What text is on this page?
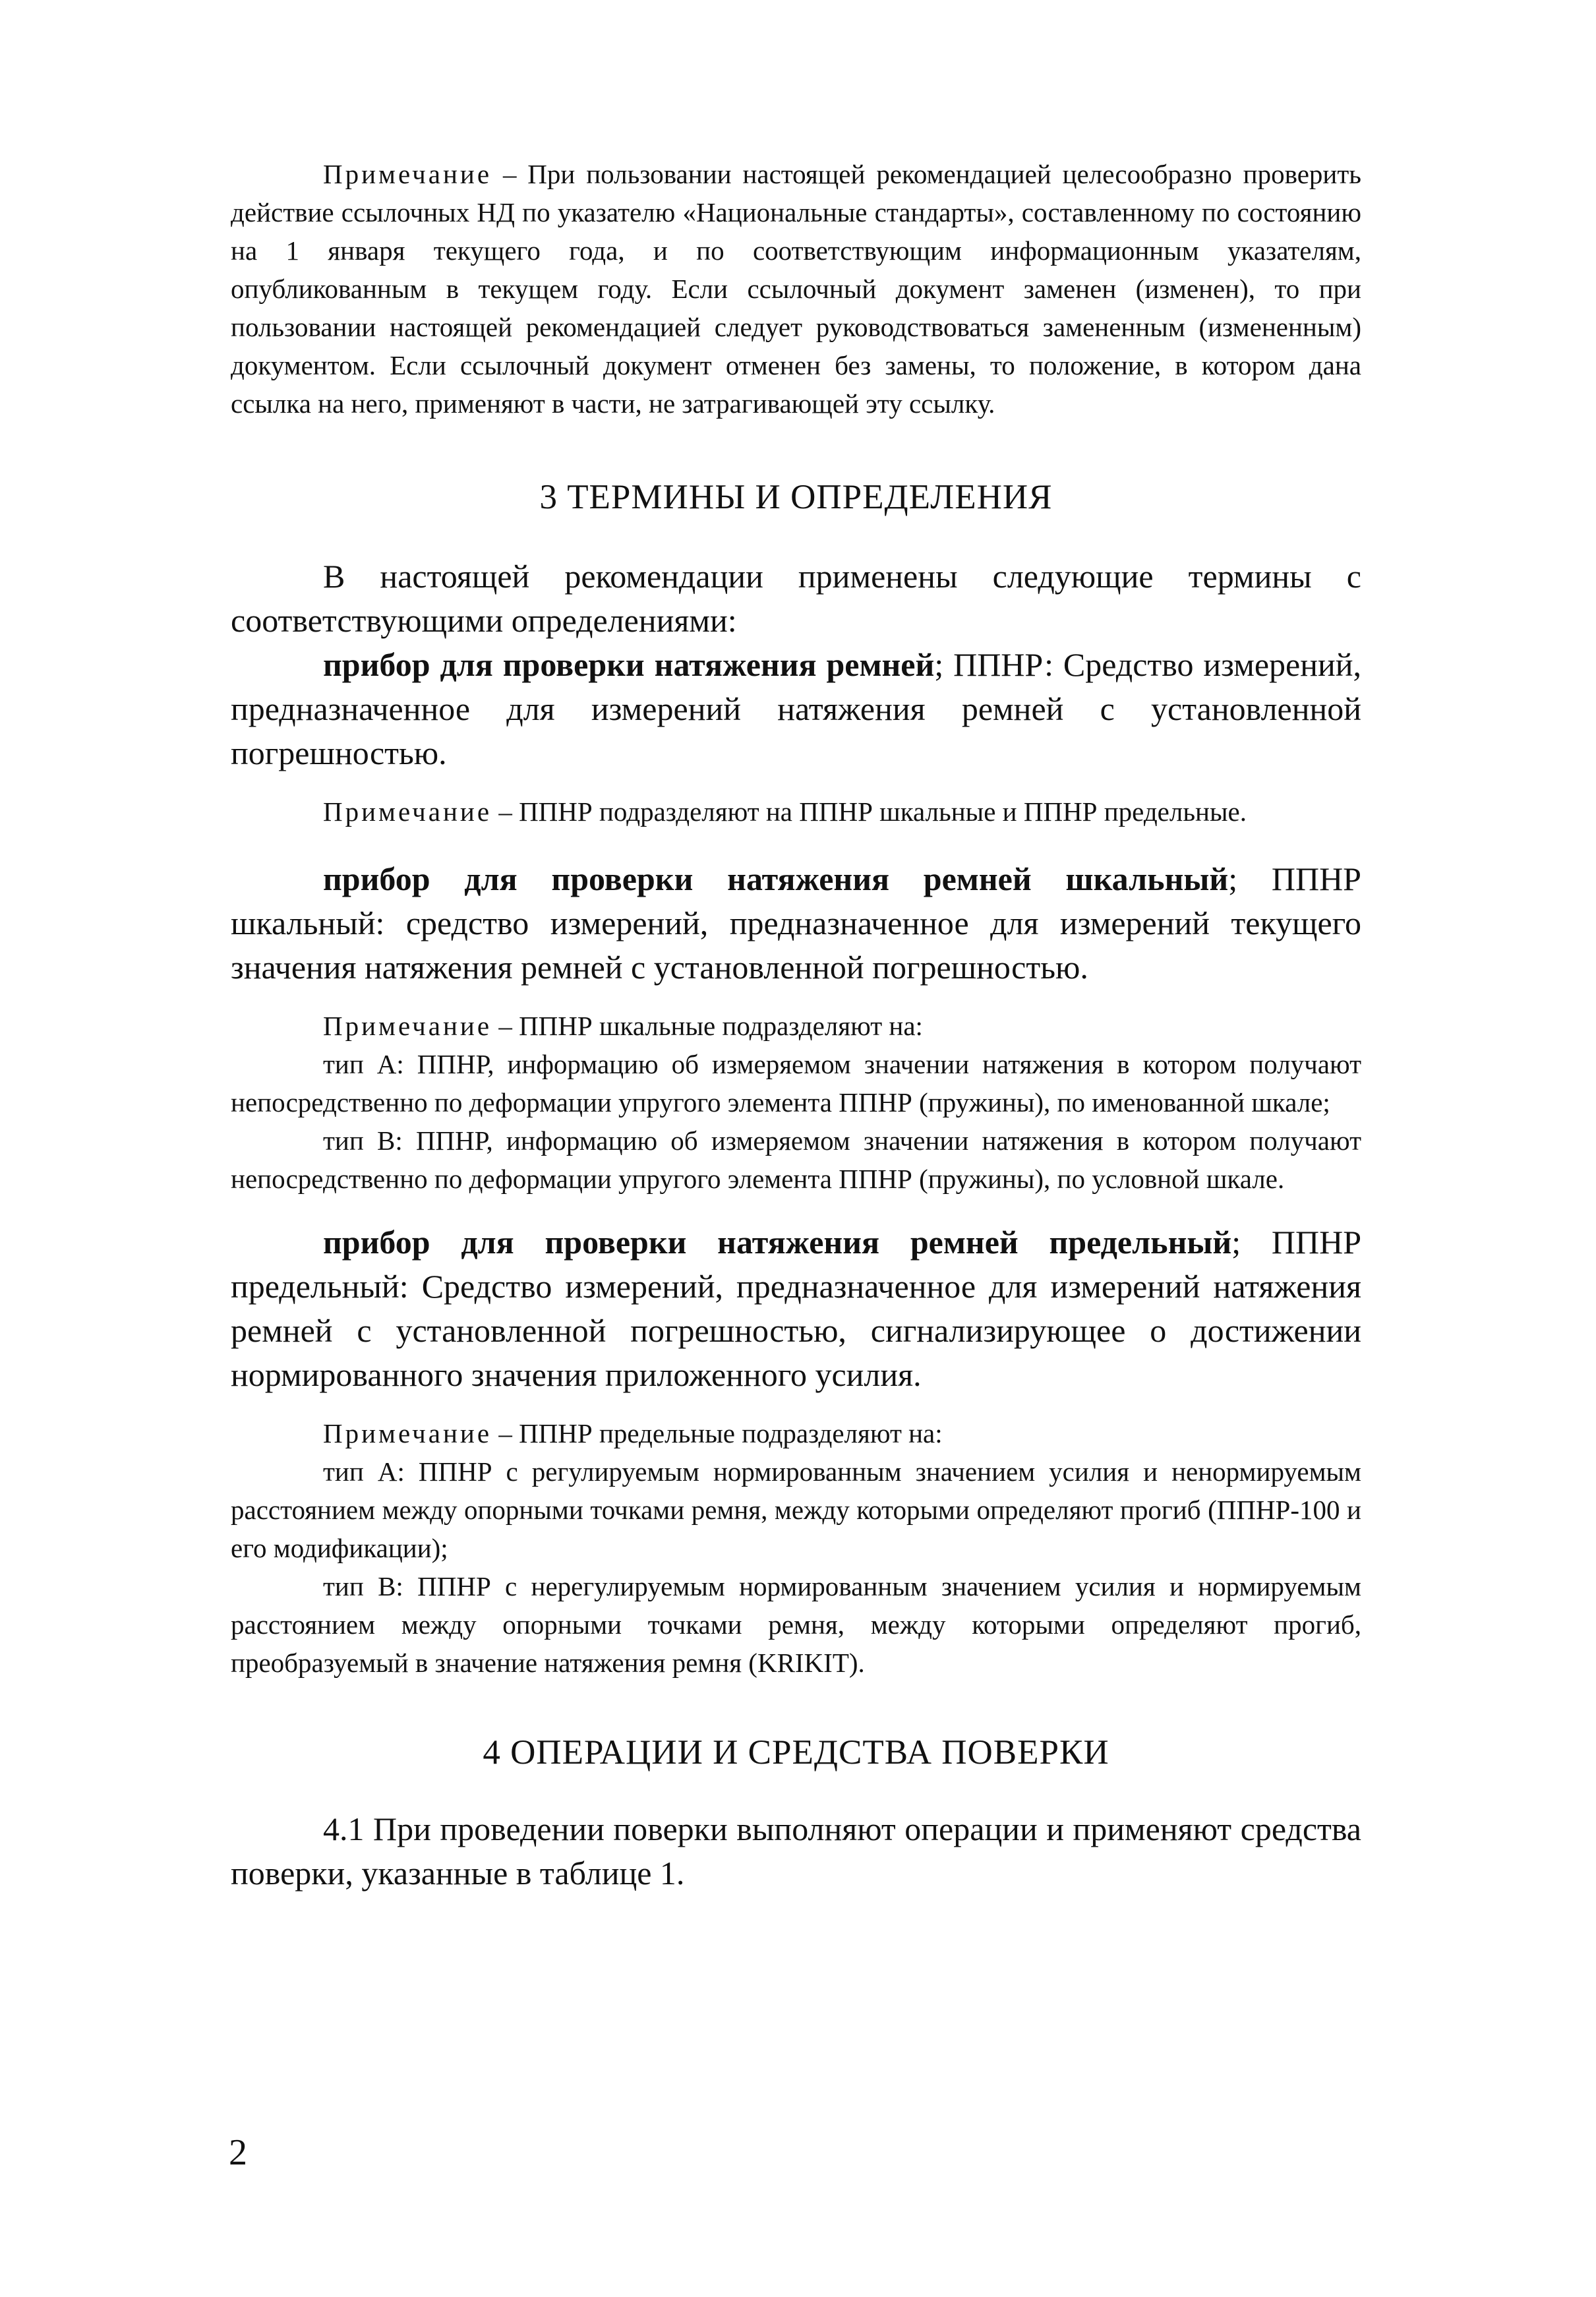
Примечание – При пользовании настоящей рекомендацией целесообразно проверить действие ссылочных НД по указателю «Национальные стандарты», составленному по состоянию на 1 января текущего года, и по соответствующим информационным указателям, опубликованным в текущем году. Если ссылочный документ заменен (изменен), то при пользовании настоящей рекомендацией следует руководствоваться замененным (измененным) документом. Если ссылочный документ отменен без замены, то положение, в котором дана ссылка на него, применяют в части, не затрагивающей эту ссылку.

3 ТЕРМИНЫ И ОПРЕДЕЛЕНИЯ

В настоящей рекомендации применены следующие термины с соответствующими определениями:

прибор для проверки натяжения ремней; ППНР: Средство измерений, предназначенное для измерений натяжения ремней с установленной погрешностью.

Примечание – ППНР подразделяют на ППНР шкальные и ППНР предельные.

прибор для проверки натяжения ремней шкальный; ППНР шкальный: средство измерений, предназначенное для измерений текущего значения натяжения ремней с установленной погрешностью.

Примечание – ППНР шкальные подразделяют на:

тип А: ППНР, информацию об измеряемом значении натяжения в котором получают непосредственно по деформации упругого элемента ППНР (пружины), по именованной шкале;

тип В: ППНР, информацию об измеряемом значении натяжения в котором получают непосредственно по деформации упругого элемента ППНР (пружины), по условной шкале.

прибор для проверки натяжения ремней предельный; ППНР предельный: Средство измерений, предназначенное для измерений натяжения ремней с установленной погрешностью, сигнализирующее о достижении нормированного значения приложенного усилия.

Примечание – ППНР предельные подразделяют на:

тип А: ППНР с регулируемым нормированным значением усилия и ненормируемым расстоянием между опорными точками ремня, между которыми определяют прогиб (ППНР-100 и его модификации);

тип В: ППНР с нерегулируемым нормированным значением усилия и нормируемым расстоянием между опорными точками ремня, между которыми определяют прогиб, преобразуемый в значение натяжения ремня (KRIKIT).

4 ОПЕРАЦИИ И СРЕДСТВА ПОВЕРКИ

4.1 При проведении поверки выполняют операции и применяют средства поверки, указанные в таблице 1.

2
